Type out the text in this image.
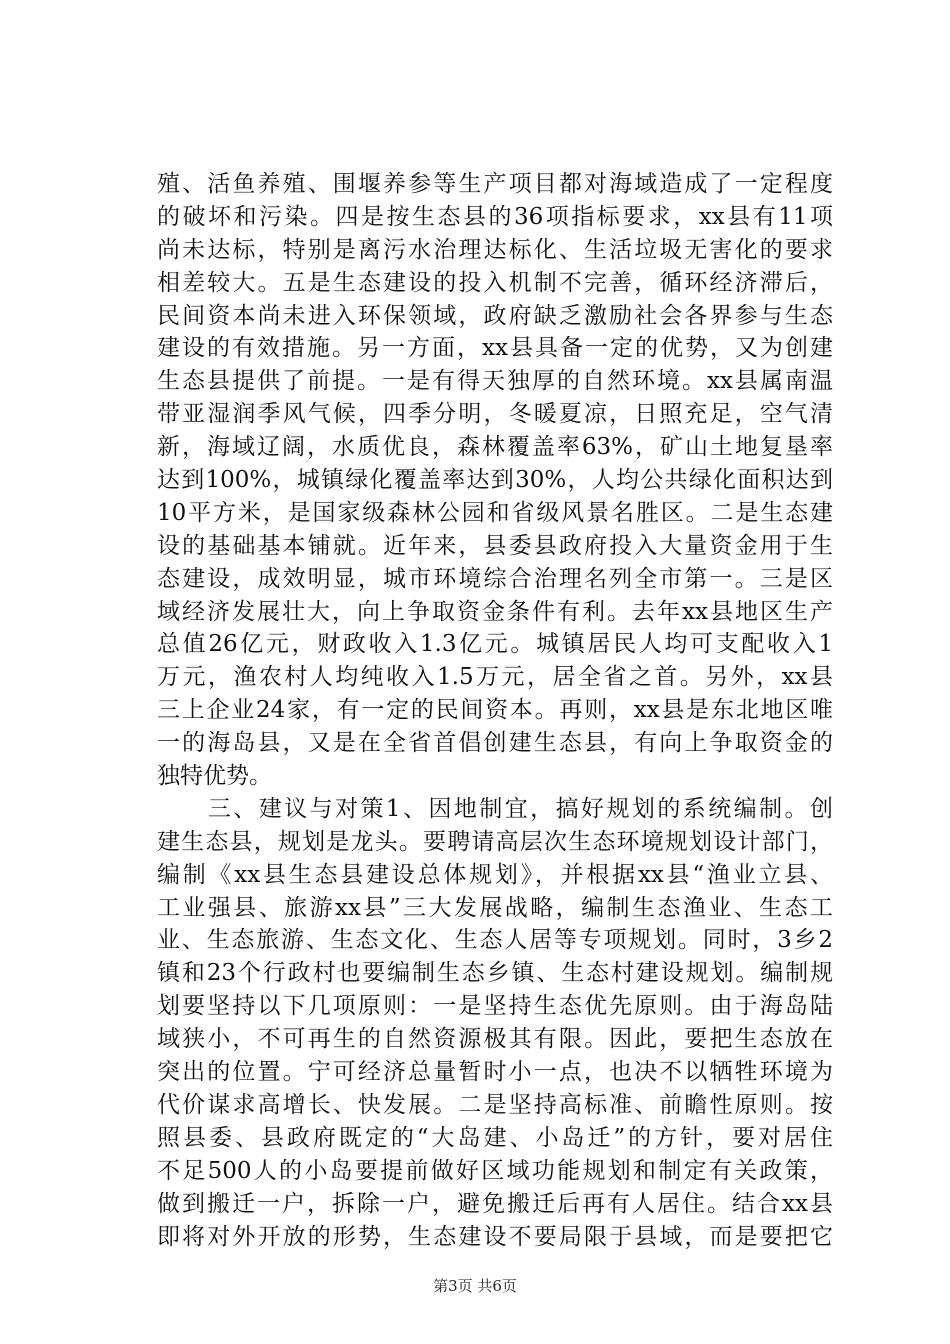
殖、活鱼养殖、围堰养参等生产项目都对海域造成了一定程度
的破坏和污染。四是按生态县的36项指标要求，xx县有11项
尚未达标，特别是离污水治理达标化、生活垃圾无害化的要求
相差较大。五是生态建设的投入机制不完善，循环经济滞后，
民间资本尚未进入环保领域，政府缺乏激励社会各界参与生态
建设的有效措施。另一方面，xx县具备一定的优势，又为创建
生态县提供了前提。一是有得天独厚的自然环境。xx县属南温
带亚湿润季风气候，四季分明，冬暖夏凉，日照充足，空气清
新，海域辽阔，水质优良，森林覆盖率63%，矿山土地复垦率
达到100%，城镇绿化覆盖率达到30%，人均公共绿化面积达到
10平方米，是国家级森林公园和省级风景名胜区。二是生态建
设的基础基本铺就。近年来，县委县政府投入大量资金用于生
态建设，成效明显，城市环境综合治理名列全市第一。三是区
域经济发展壮大，向上争取资金条件有利。去年xx县地区生产
总值26亿元，财政收入1.3亿元。城镇居民人均可支配收入1
万元，渔农村人均纯收入1.5万元，居全省之首。另外，xx县
三上企业24家，有一定的民间资本。再则，xx县是东北地区唯
一的海岛县，又是在全省首倡创建生态县，有向上争取资金的
独特优势。
　　三、建议与对策1、因地制宜，搞好规划的系统编制。创
建生态县，规划是龙头。要聘请高层次生态环境规划设计部门，
编制《xx县生态县建设总体规划》，并根据xx县“渔业立县、
工业强县、旅游xx县”三大发展战略，编制生态渔业、生态工
业、生态旅游、生态文化、生态人居等专项规划。同时，3乡2
镇和23个行政村也要编制生态乡镇、生态村建设规划。编制规
划要坚持以下几项原则：一是坚持生态优先原则。由于海岛陆
域狭小，不可再生的自然资源极其有限。因此，要把生态放在
突出的位置。宁可经济总量暂时小一点，也决不以牺牲环境为
代价谋求高增长、快发展。二是坚持高标准、前瞻性原则。按
照县委、县政府既定的“大岛建、小岛迁”的方针，要对居住
不足500人的小岛要提前做好区域功能规划和制定有关政策，
做到搬迁一户，拆除一户，避免搬迁后再有人居住。结合xx县
即将对外开放的形势，生态建设不要局限于县域，而是要把它
第3页 共6页
